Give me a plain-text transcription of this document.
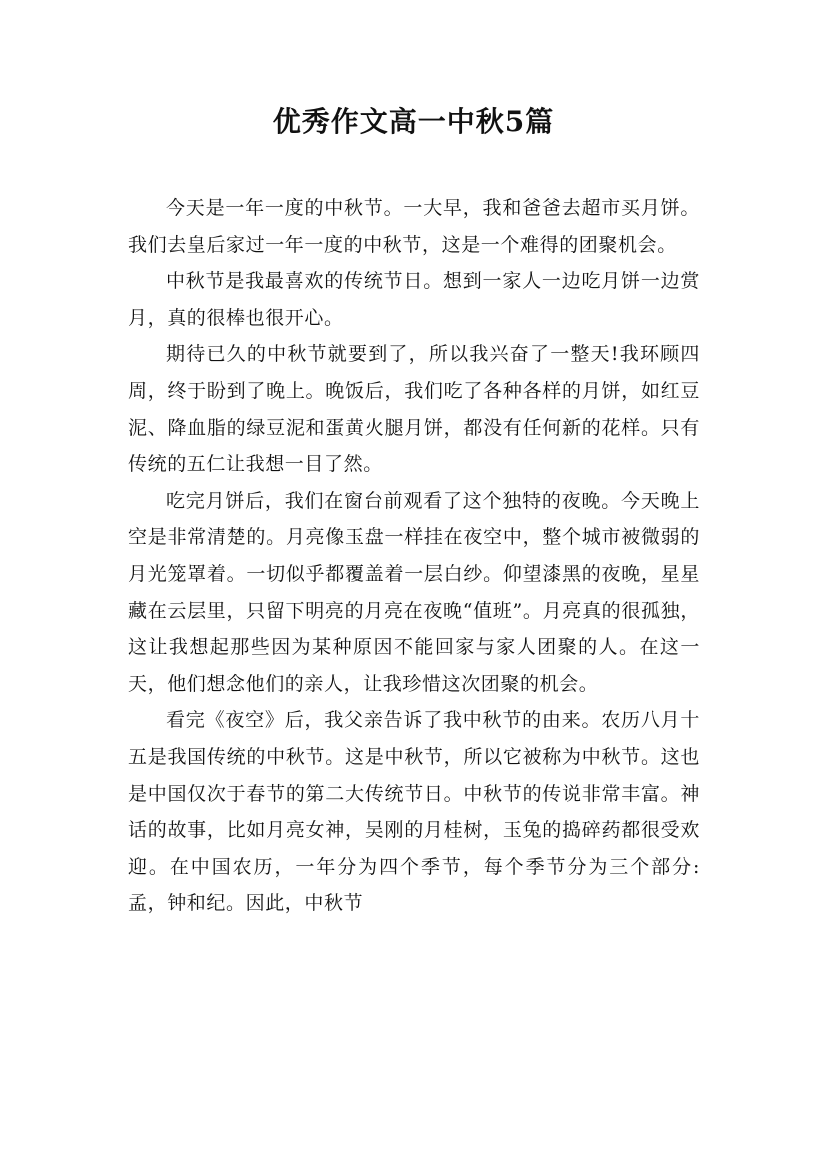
优秀作文高一中秋5篇

今天是一年一度的中秋节。一大早，我和爸爸去超市买月饼。我们去皇后家过一年一度的中秋节，这是一个难得的团聚机会。

中秋节是我最喜欢的传统节日。想到一家人一边吃月饼一边赏月，真的很棒也很开心。

期待已久的中秋节就要到了，所以我兴奋了一整天!我环顾四周，终于盼到了晚上。晚饭后，我们吃了各种各样的月饼，如红豆泥、降血脂的绿豆泥和蛋黄火腿月饼，都没有任何新的花样。只有传统的五仁让我想一目了然。

吃完月饼后，我们在窗台前观看了这个独特的夜晚。今天晚上空是非常清楚的。月亮像玉盘一样挂在夜空中，整个城市被微弱的月光笼罩着。一切似乎都覆盖着一层白纱。仰望漆黑的夜晚，星星藏在云层里，只留下明亮的月亮在夜晚“值班”。月亮真的很孤独，这让我想起那些因为某种原因不能回家与家人团聚的人。在这一天，他们想念他们的亲人，让我珍惜这次团聚的机会。

看完《夜空》后，我父亲告诉了我中秋节的由来。农历八月十五是我国传统的中秋节。这是中秋节，所以它被称为中秋节。这也是中国仅次于春节的第二大传统节日。中秋节的传说非常丰富。神话的故事，比如月亮女神，吴刚的月桂树，玉兔的捣碎药都很受欢迎。在中国农历，一年分为四个季节，每个季节分为三个部分:孟，钟和纪。因此，中秋节
